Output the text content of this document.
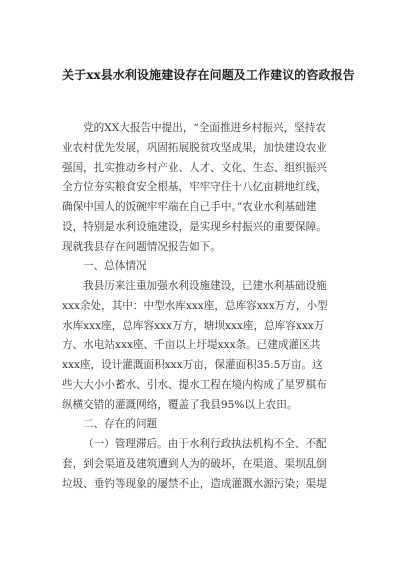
关于xx县水利设施建设存在问题及工作建议的咨政报告
党的XX大报告中提出，“全面推进乡村振兴，坚持农
业农村优先发展，巩固拓展脱贫攻坚成果，加快建设农业
强国，扎实推动乡村产业、人才、文化、生态、组织振兴
全方位夯实粮食安全根基，牢牢守住十八亿亩耕地红线，
确保中国人的饭碗牢牢端在自己手中。”农业水利基础建
设，特别是水利设施建设，是实现乡村振兴的重要保障。
现就我县存在问题情况报告如下。
一、总体情况
我县历来注重加强水利设施建设，已建水利基础设施
xxx余处，其中：中型水库xxx座，总库容xxx万方，小型
水库xxx座，总库容xxx万方，塘坝xxx座，总库容xxx万
方、水电站xxx座、千亩以上圩堤xxx条。已建成灌区共
xxx座，设计灌溉面积xxx万亩，保灌面积35.5万亩。这
些大大小小蓄水、引水、提水工程在境内构成了星罗棋布
纵横交错的灌溉网络，覆盖了我县95%以上农田。
二、存在的问题
（一）管理滞后。由于水利行政执法机构不全、不配
套，到会渠道及建筑遭到人为的破坏，在渠道、渠坝乱倒
垃圾、垂钓等现象的屡禁不止，造成灌溉水源污染；渠堤
